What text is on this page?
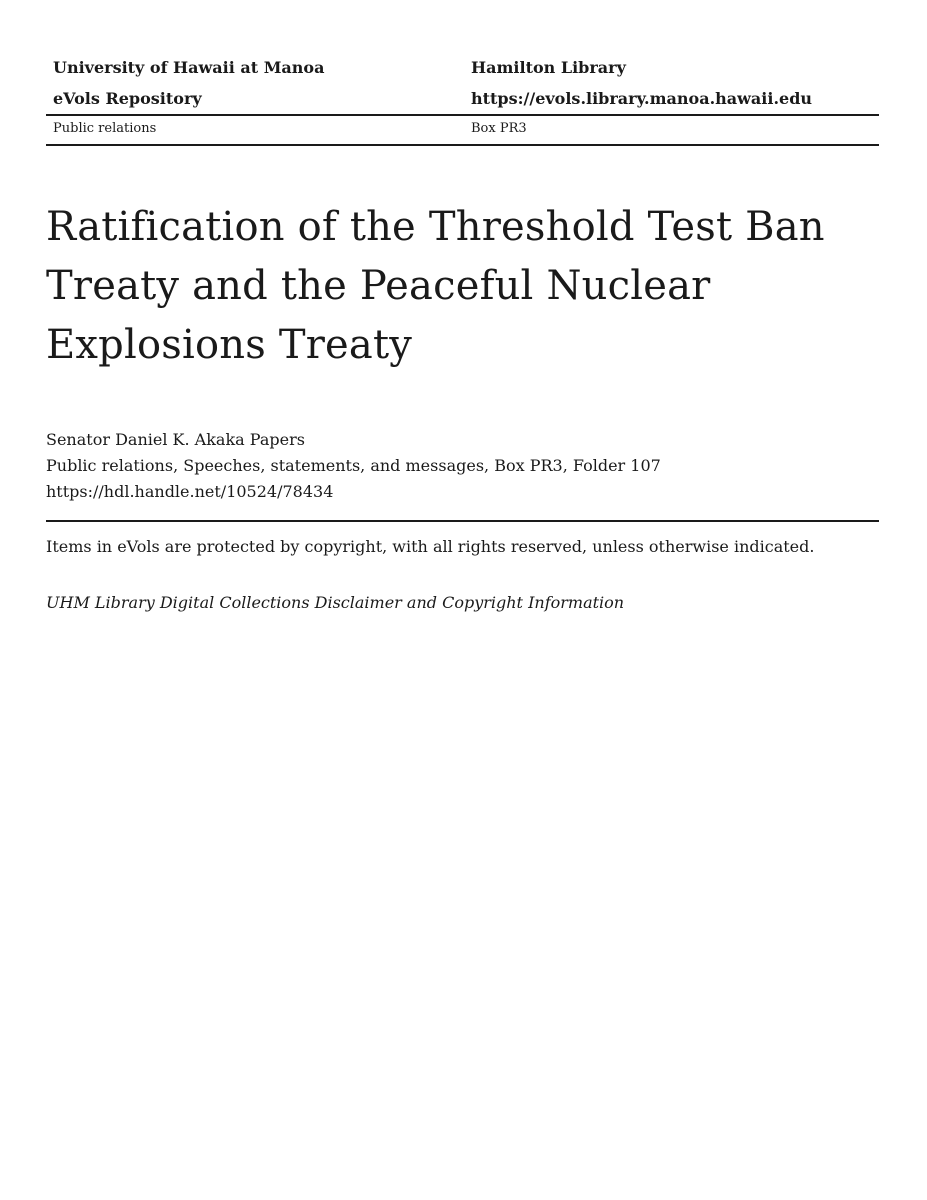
University of Hawaii at Manoa	Hamilton Library
eVols Repository	https://evols.library.manoa.hawaii.edu
Public relations	Box PR3
Ratification of the Threshold Test Ban
Treaty and the Peaceful Nuclear
Explosions Treaty
Senator Daniel K. Akaka Papers
Public relations, Speeches, statements, and messages, Box PR3, Folder 107
https://hdl.handle.net/10524/78434
Items in eVols are protected by copyright, with all rights reserved, unless otherwise indicated.
UHM Library Digital Collections Disclaimer and Copyright Information
